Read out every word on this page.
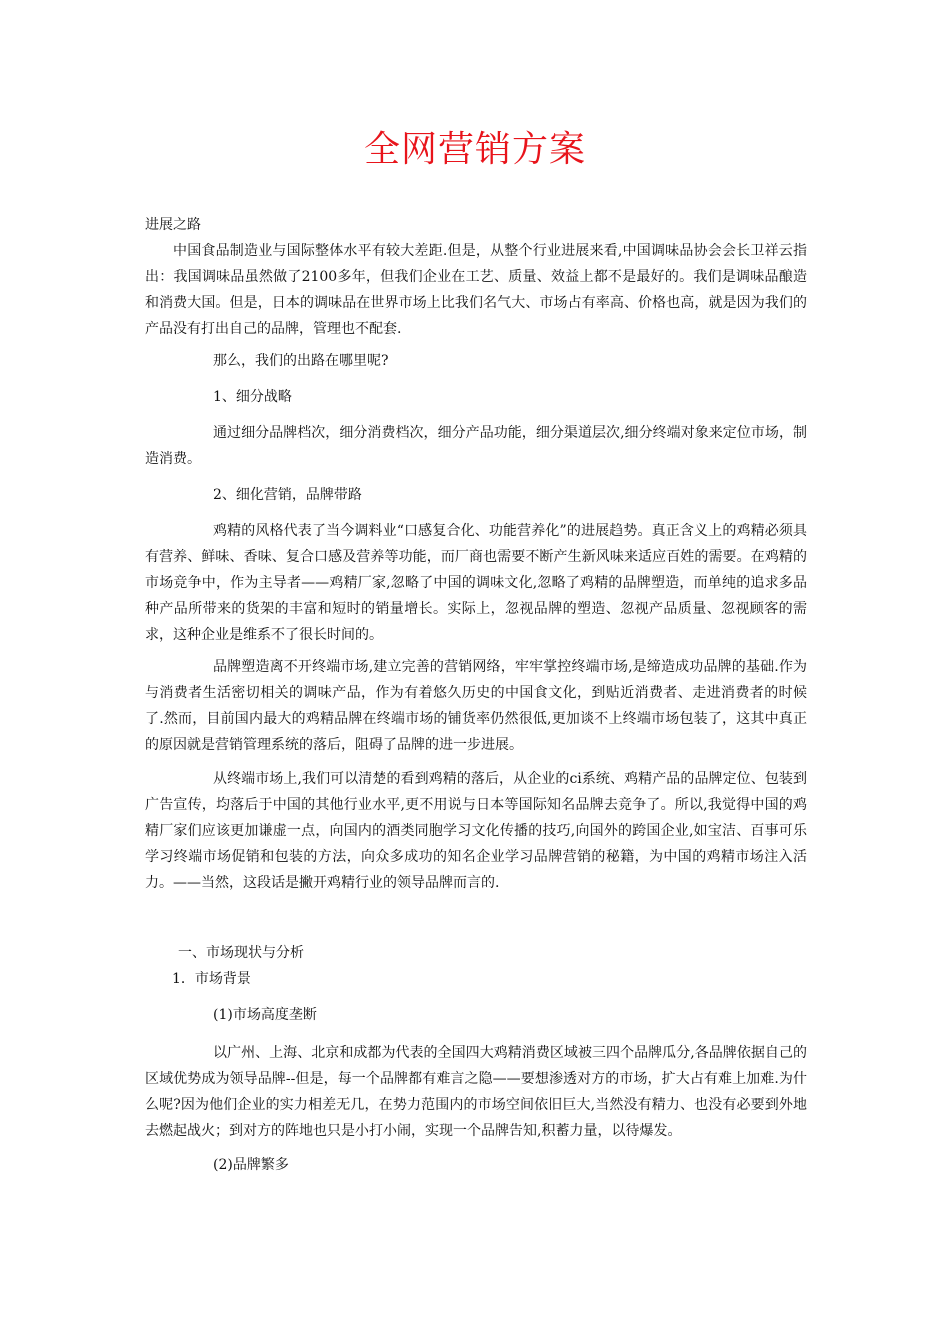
全网营销方案

进展之路

中国食品制造业与国际整体水平有较大差距.但是，从整个行业进展来看,中国调味品协会会长卫祥云指出：我国调味品虽然做了2100多年，但我们企业在工艺、质量、效益上都不是最好的。我们是调味品酿造和消费大国。但是，日本的调味品在世界市场上比我们名气大、市场占有率高、价格也高，就是因为我们的产品没有打出自己的品牌，管理也不配套.

那么，我们的出路在哪里呢?

1、细分战略

通过细分品牌档次，细分消费档次，细分产品功能，细分渠道层次,细分终端对象来定位市场，制造消费。

2、细化营销，品牌带路

鸡精的风格代表了当今调料业“口感复合化、功能营养化”的进展趋势。真正含义上的鸡精必须具有营养、鲜味、香味、复合口感及营养等功能，而厂商也需要不断产生新风味来适应百姓的需要。在鸡精的市场竞争中，作为主导者——鸡精厂家,忽略了中国的调味文化,忽略了鸡精的品牌塑造，而单纯的追求多品种产品所带来的货架的丰富和短时的销量增长。实际上，忽视品牌的塑造、忽视产品质量、忽视顾客的需求，这种企业是维系不了很长时间的。

品牌塑造离不开终端市场,建立完善的营销网络，牢牢掌控终端市场,是缔造成功品牌的基础.作为与消费者生活密切相关的调味产品，作为有着悠久历史的中国食文化，到贴近消费者、走进消费者的时候了.然而，目前国内最大的鸡精品牌在终端市场的铺货率仍然很低,更加谈不上终端市场包装了，这其中真正的原因就是营销管理系统的落后，阻碍了品牌的进一步进展。

从终端市场上,我们可以清楚的看到鸡精的落后，从企业的ci系统、鸡精产品的品牌定位、包装到广告宣传，均落后于中国的其他行业水平,更不用说与日本等国际知名品牌去竞争了。所以,我觉得中国的鸡精厂家们应该更加谦虚一点，向国内的酒类同胞学习文化传播的技巧,向国外的跨国企业,如宝洁、百事可乐学习终端市场促销和包装的方法，向众多成功的知名企业学习品牌营销的秘籍，为中国的鸡精市场注入活力。——当然，这段话是撇开鸡精行业的领导品牌而言的.

一、市场现状与分析

1．市场背景

(1)市场高度垄断

以广州、上海、北京和成都为代表的全国四大鸡精消费区域被三四个品牌瓜分,各品牌依据自己的区域优势成为领导品牌--但是，每一个品牌都有难言之隐——要想渗透对方的市场，扩大占有难上加难.为什么呢?因为他们企业的实力相差无几，在势力范围内的市场空间依旧巨大,当然没有精力、也没有必要到外地去燃起战火；到对方的阵地也只是小打小闹，实现一个品牌告知,积蓄力量，以待爆发。

(2)品牌繁多
